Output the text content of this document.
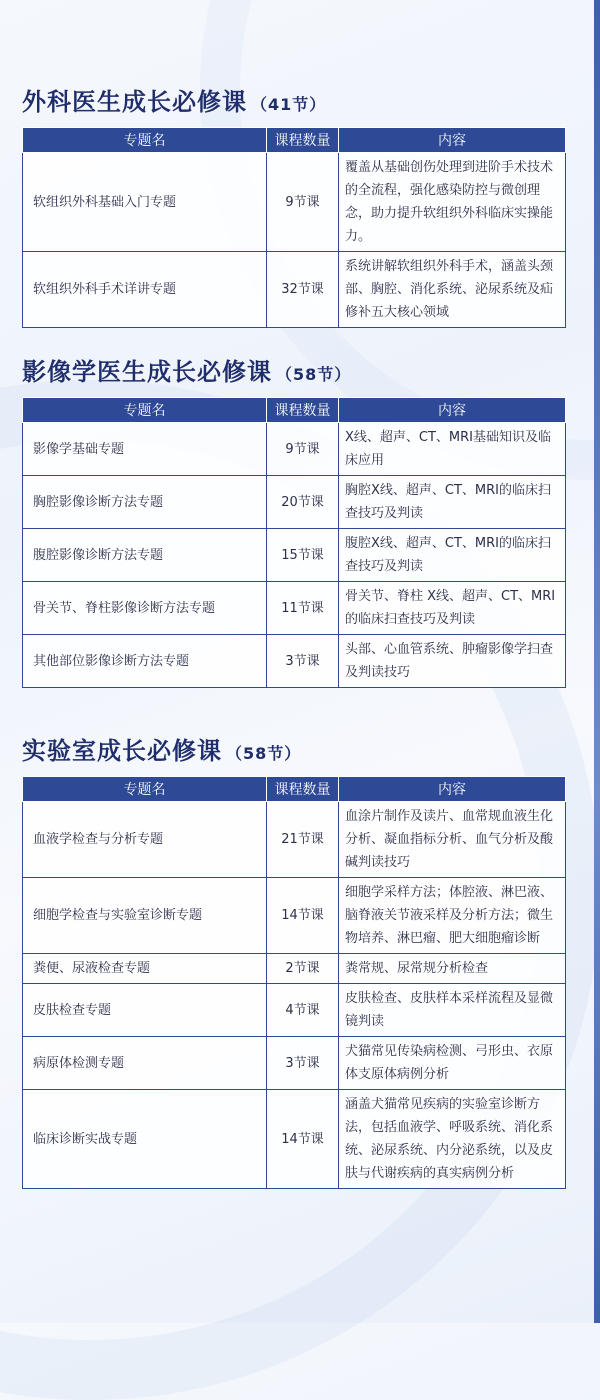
外科医生成长必修课 （41节）
专题名	课程数量	内容
软组织外科基础入门专题	9节课	覆盖从基础创伤处理到进阶手术技术的全流程，强化感染防控与微创理念，助力提升软组织外科临床实操能力。
软组织外科手术详讲专题	32节课	系统讲解软组织外科手术，涵盖头颈部、胸腔、消化系统、泌尿系统及疝修补五大核心领域
影像学医生成长必修课 （58节）
专题名	课程数量	内容
影像学基础专题	9节课	X线、超声、CT、MRI基础知识及临床应用
胸腔影像诊断方法专题	20节课	胸腔X线、超声、CT、MRI的临床扫查技巧及判读
腹腔影像诊断方法专题	15节课	腹腔X线、超声、CT、MRI的临床扫查技巧及判读
骨关节、脊柱影像诊断方法专题	11节课	骨关节、脊柱 X线、超声、CT、MRI的临床扫查技巧及判读
其他部位影像诊断方法专题	3节课	头部、心血管系统、肿瘤影像学扫查及判读技巧
实验室成长必修课 （58节）
专题名	课程数量	内容
血液学检查与分析专题	21节课	血涂片制作及读片、血常规血液生化分析、凝血指标分析、血气分析及酸碱判读技巧
细胞学检查与实验室诊断专题	14节课	细胞学采样方法；体腔液、淋巴液、脑脊液关节液采样及分析方法；微生物培养、淋巴瘤、肥大细胞瘤诊断
粪便、尿液检查专题	2节课	粪常规、尿常规分析检查
皮肤检查专题	4节课	皮肤检查、皮肤样本采样流程及显微镜判读
病原体检测专题	3节课	犬猫常见传染病检测、弓形虫、衣原体支原体病例分析
临床诊断实战专题	14节课	涵盖犬猫常见疾病的实验室诊断方法，包括血液学、呼吸系统、消化系统、泌尿系统、内分泌系统，以及皮肤与代谢疾病的真实病例分析
